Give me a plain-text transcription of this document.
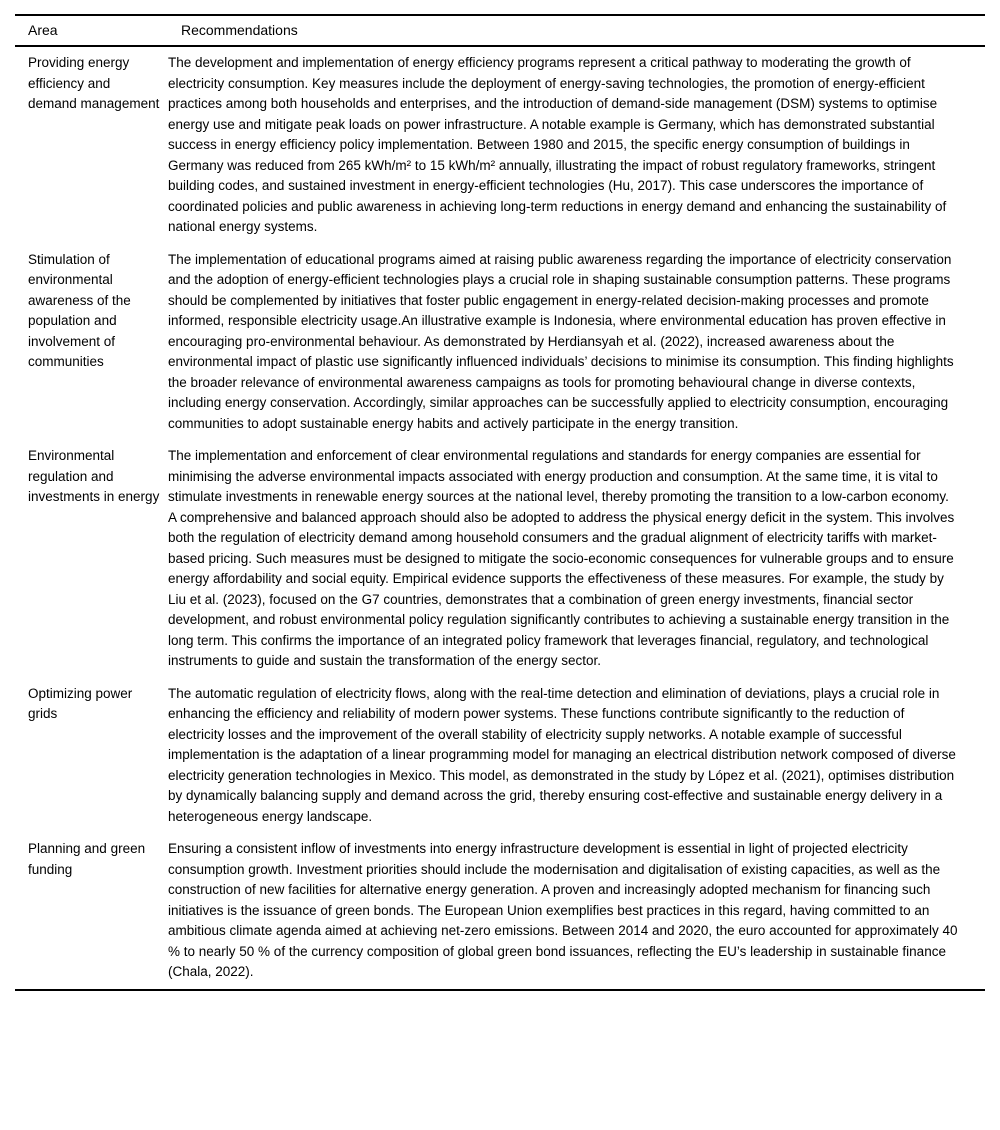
Area	Recommendations
Providing energy efficiency and demand management	The development and implementation of energy efficiency programs represent a critical pathway to moderating the growth of electricity consumption. Key measures include the deployment of energy-saving technologies, the promotion of energy-efficient practices among both households and enterprises, and the introduction of demand-side management (DSM) systems to optimise energy use and mitigate peak loads on power infrastructure. A notable example is Germany, which has demonstrated substantial success in energy efficiency policy implementation. Between 1980 and 2015, the specific energy consumption of buildings in Germany was reduced from 265 kWh/m² to 15 kWh/m² annually, illustrating the impact of robust regulatory frameworks, stringent building codes, and sustained investment in energy-efficient technologies (Hu, 2017). This case underscores the importance of coordinated policies and public awareness in achieving long-term reductions in energy demand and enhancing the sustainability of national energy systems.
Stimulation of environmental awareness of the population and involvement of communities	The implementation of educational programs aimed at raising public awareness regarding the importance of electricity conservation and the adoption of energy-efficient technologies plays a crucial role in shaping sustainable consumption patterns. These programs should be complemented by initiatives that foster public engagement in energy-related decision-making processes and promote informed, responsible electricity usage.An illustrative example is Indonesia, where environmental education has proven effective in encouraging pro-environmental behaviour. As demonstrated by Herdiansyah et al. (2022), increased awareness about the environmental impact of plastic use significantly influenced individuals’ decisions to minimise its consumption. This finding highlights the broader relevance of environmental awareness campaigns as tools for promoting behavioural change in diverse contexts, including energy conservation. Accordingly, similar approaches can be successfully applied to electricity consumption, encouraging communities to adopt sustainable energy habits and actively participate in the energy transition.
Environmental regulation and investments in energy	The implementation and enforcement of clear environmental regulations and standards for energy companies are essential for minimising the adverse environmental impacts associated with energy production and consumption. At the same time, it is vital to stimulate investments in renewable energy sources at the national level, thereby promoting the transition to a low-carbon economy. A comprehensive and balanced approach should also be adopted to address the physical energy deficit in the system. This involves both the regulation of electricity demand among household consumers and the gradual alignment of electricity tariffs with market-based pricing. Such measures must be designed to mitigate the socio-economic consequences for vulnerable groups and to ensure energy affordability and social equity. Empirical evidence supports the effectiveness of these measures. For example, the study by Liu et al. (2023), focused on the G7 countries, demonstrates that a combination of green energy investments, financial sector development, and robust environmental policy regulation significantly contributes to achieving a sustainable energy transition in the long term. This confirms the importance of an integrated policy framework that leverages financial, regulatory, and technological instruments to guide and sustain the transformation of the energy sector.
Optimizing power grids	The automatic regulation of electricity flows, along with the real-time detection and elimination of deviations, plays a crucial role in enhancing the efficiency and reliability of modern power systems. These functions contribute significantly to the reduction of electricity losses and the improvement of the overall stability of electricity supply networks. A notable example of successful implementation is the adaptation of a linear programming model for managing an electrical distribution network composed of diverse electricity generation technologies in Mexico. This model, as demonstrated in the study by López et al. (2021), optimises distribution by dynamically balancing supply and demand across the grid, thereby ensuring cost-effective and sustainable energy delivery in a heterogeneous energy landscape.
Planning and green funding	Ensuring a consistent inflow of investments into energy infrastructure development is essential in light of projected electricity consumption growth. Investment priorities should include the modernisation and digitalisation of existing capacities, as well as the construction of new facilities for alternative energy generation. A proven and increasingly adopted mechanism for financing such initiatives is the issuance of green bonds. The European Union exemplifies best practices in this regard, having committed to an ambitious climate agenda aimed at achieving net-zero emissions. Between 2014 and 2020, the euro accounted for approximately 40 % to nearly 50 % of the currency composition of global green bond issuances, reflecting the EU’s leadership in sustainable finance (Chala, 2022).
